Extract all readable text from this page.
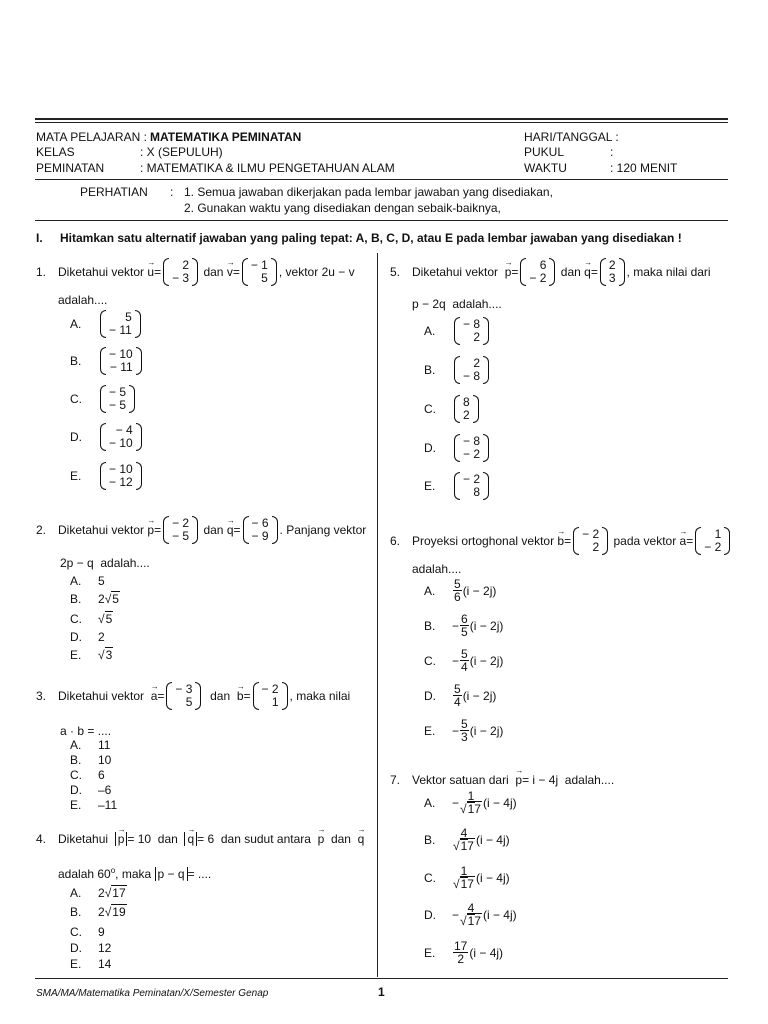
MATA PELAJARAN : MATEMATIKA PEMINATAN
KELAS	: X (SEPULUH)
PEMINATAN	: MATEMATIKA & ILMU PENGETAHUAN ALAM
HARI/TANGGAL :
PUKUL	:
WAKTU	: 120 MENIT
PERHATIAN : 1. Semua jawaban dikerjakan pada lembar jawaban yang disediakan,
2. Gunakan waktu yang disediakan dengan sebaik-baiknya,
I. Hitamkan satu alternatif jawaban yang paling tepat: A, B, C, D, atau E pada lembar jawaban yang disediakan !
1. Diketahui vektor
→ u = 2
− 3
dan
→ v = − 1
5 , vektor
2u − v
adalah....
A.	5
− 11
B.	− 10
− 11
C.	− 5
− 5
D.	− 4
− 10
E.	− 10
− 12
2. Diketahui vektor
→ p = − 2
− 5
dan
→ q = − 6
− 9 . Panjang vektor
2p − q adalah....
A.	5
B.	2 √5
C.	√5
D.	2
E.	√3
3. Diketahui vektor
→ a = − 3
5
dan
→ b = − 2
1 , maka nilai
a · b = ....
A.	11
B.	10
C.	6
D.	–6
E.	–11
4. Diketahui → p = 10 dan → q = 6 dan sudut antara → p dan → q
adalah 60$^o$, maka p − q = ....
A.	2 √17
B.	2 √19
C.	9
D.	12
E.	14
5. Diketahui vektor
→ p = 6
− 2
dan
→ q = 2
3 , maka nilai dari
p − 2q adalah....
A.	− 8
2
B.	2
− 8
C.	8
2
D.	− 8
− 2
E.	− 2
8
6. Proyeksi ortoghonal vektor
→ b = − 2
2
pada vektor
→ a = 1
− 2
adalah....
A.	$\frac{5}{6} (i - 2j)$
B.	− $\frac{6}{5} (i - 2j)$
C.	− $\frac{5}{4} (i - 2j)$
D.	$\frac{5}{4} (i - 2j)$
E.	− $\frac{5}{3} (i - 2j)$
7. Vektor satuan dari → p= i − 4j adalah....
A.	− $\frac{1}{√17} (i - 4j)$
B.	$\frac{4}{√17} (i - 4j)$
C.	$\frac{1}{√17} (i - 4j)$
D.	− $\frac{4}{√17} (i - 4j)$
E.	$\frac{17}{2} (i - 4j)$
SMA/MA/Matematika Peminatan/X/Semester Genap	1
